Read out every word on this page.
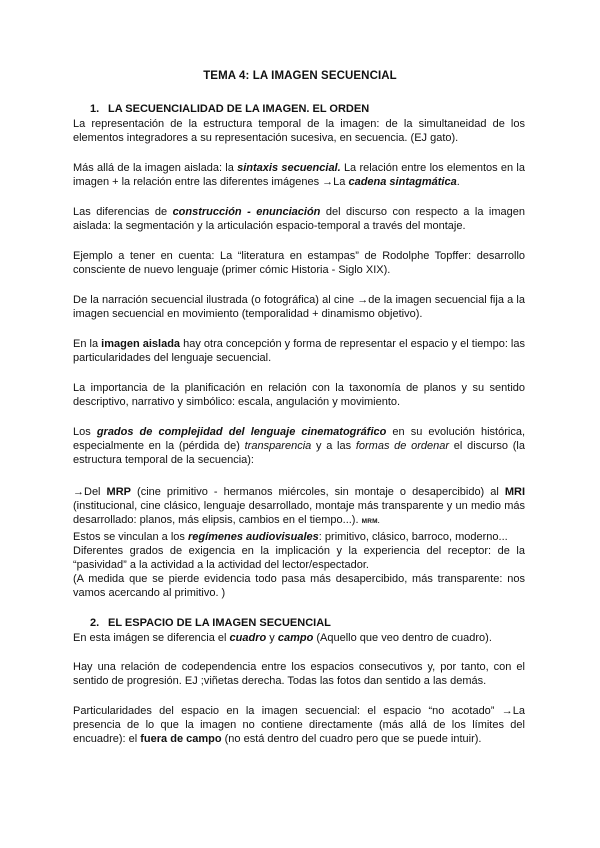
TEMA 4: LA IMAGEN SECUENCIAL
1. LA SECUENCIALIDAD DE LA IMAGEN. EL ORDEN

La representación de la estructura temporal de la imagen: de la simultaneidad de los elementos integradores a su representación sucesiva, en secuencia. (EJ gato).

Más allá de la imagen aislada: la sintaxis secuencial. La relación entre los elementos en la imagen + la relación entre las diferentes imágenes →La cadena sintagmática.

Las diferencias de construcción - enunciación del discurso con respecto a la imagen aislada: la segmentación y la articulación espacio-temporal a través del montaje.

Ejemplo a tener en cuenta: La “literatura en estampas” de Rodolphe Topffer: desarrollo consciente de nuevo lenguaje (primer cómic Historia - Siglo XIX).

De la narración secuencial ilustrada (o fotográfica) al cine →de la imagen secuencial fija a la imagen secuencial en movimiento (temporalidad + dinamismo objetivo).

En la imagen aislada hay otra concepción y forma de representar el espacio y el tiempo: las particularidades del lenguaje secuencial.

La importancia de la planificación en relación con la taxonomía de planos y su sentido descriptivo, narrativo y simbólico: escala, angulación y movimiento.

Los grados de complejidad del lenguaje cinematográfico en su evolución histórica, especialmente en la (pérdida de) transparencia y a las formas de ordenar el discurso (la estructura temporal de la secuencia):

→Del MRP (cine primitivo - hermanos miércoles, sin montaje o desapercibido) al MRI (institucional, cine clásico, lenguaje desarrollado, montaje más transparente y un medio más desarrollado: planos, más elipsis, cambios en el tiempo...). MRM.
Estos se vinculan a los regímenes audiovisuales: primitivo, clásico, barroco, moderno...
Diferentes grados de exigencia en la implicación y la experiencia del receptor: de la “pasividad” a la actividad a la actividad del lector/espectador.
(A medida que se pierde evidencia todo pasa más desapercibido, más transparente: nos vamos acercando al primitivo. )

2. EL ESPACIO DE LA IMAGEN SECUENCIAL

En esta imágen se diferencia el cuadro y campo (Aquello que veo dentro de cuadro).

Hay una relación de codependencia entre los espacios consecutivos y, por tanto, con el sentido de progresión. EJ ;viñetas derecha. Todas las fotos dan sentido a las demás.

Particularidades del espacio en la imagen secuencial: el espacio “no acotado” →La presencia de lo que la imagen no contiene directamente (más allá de los límites del encuadre): el fuera de campo (no está dentro del cuadro pero que se puede intuir).
